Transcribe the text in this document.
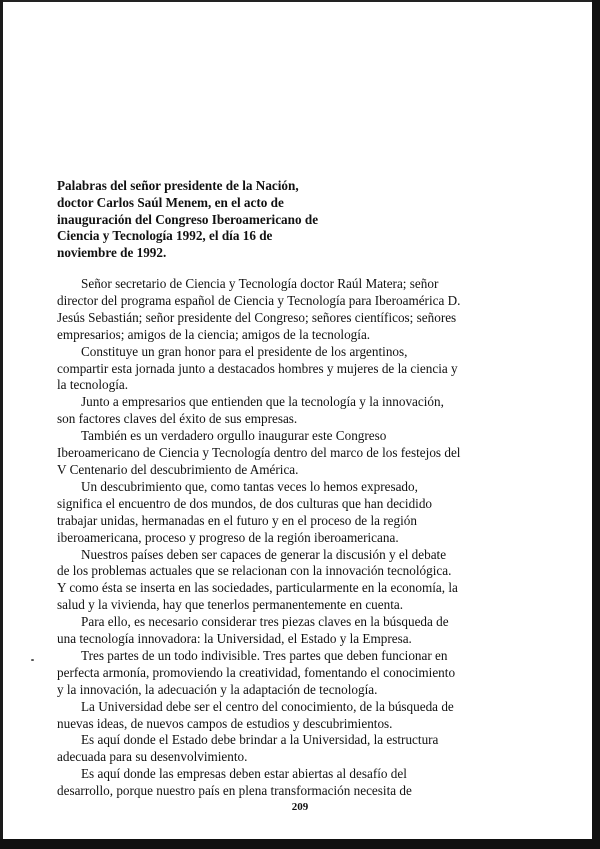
Palabras del señor presidente de la Nación,
doctor Carlos Saúl Menem, en el acto de
inauguración del Congreso Iberoamericano de
Ciencia y Tecnología 1992, el día 16 de
noviembre de 1992.
Señor secretario de Ciencia y Tecnología doctor Raúl Matera; señor
director del programa español de Ciencia y Tecnología para Iberoamérica D.
Jesús Sebastián; señor presidente del Congreso; señores científicos; señores
empresarios; amigos de la ciencia; amigos de la tecnología.
Constituye un gran honor para el presidente de los argentinos,
compartir esta jornada junto a destacados hombres y mujeres de la ciencia y
la tecnología.
Junto a empresarios que entienden que la tecnología y la innovación,
son factores claves del éxito de sus empresas.
También es un verdadero orgullo inaugurar este Congreso
Iberoamericano de Ciencia y Tecnología dentro del marco de los festejos del
V Centenario del descubrimiento de América.
Un descubrimiento que, como tantas veces lo hemos expresado,
significa el encuentro de dos mundos, de dos culturas que han decidido
trabajar unidas, hermanadas en el futuro y en el proceso de la región
iberoamericana, proceso y progreso de la región iberoamericana.
Nuestros países deben ser capaces de generar la discusión y el debate
de los problemas actuales que se relacionan con la innovación tecnológica.
Y como ésta se inserta en las sociedades, particularmente en la economía, la
salud y la vivienda, hay que tenerlos permanentemente en cuenta.
Para ello, es necesario considerar tres piezas claves en la búsqueda de
una tecnología innovadora: la Universidad, el Estado y la Empresa.
Tres partes de un todo indivisible. Tres partes que deben funcionar en
perfecta armonía, promoviendo la creatividad, fomentando el conocimiento
y la innovación, la adecuación y la adaptación de tecnología.
La Universidad debe ser el centro del conocimiento, de la búsqueda de
nuevas ideas, de nuevos campos de estudios y descubrimientos.
Es aquí donde el Estado debe brindar a la Universidad, la estructura
adecuada para su desenvolvimiento.
Es aquí donde las empresas deben estar abiertas al desafío del
desarrollo, porque nuestro país en plena transformación necesita de
209
